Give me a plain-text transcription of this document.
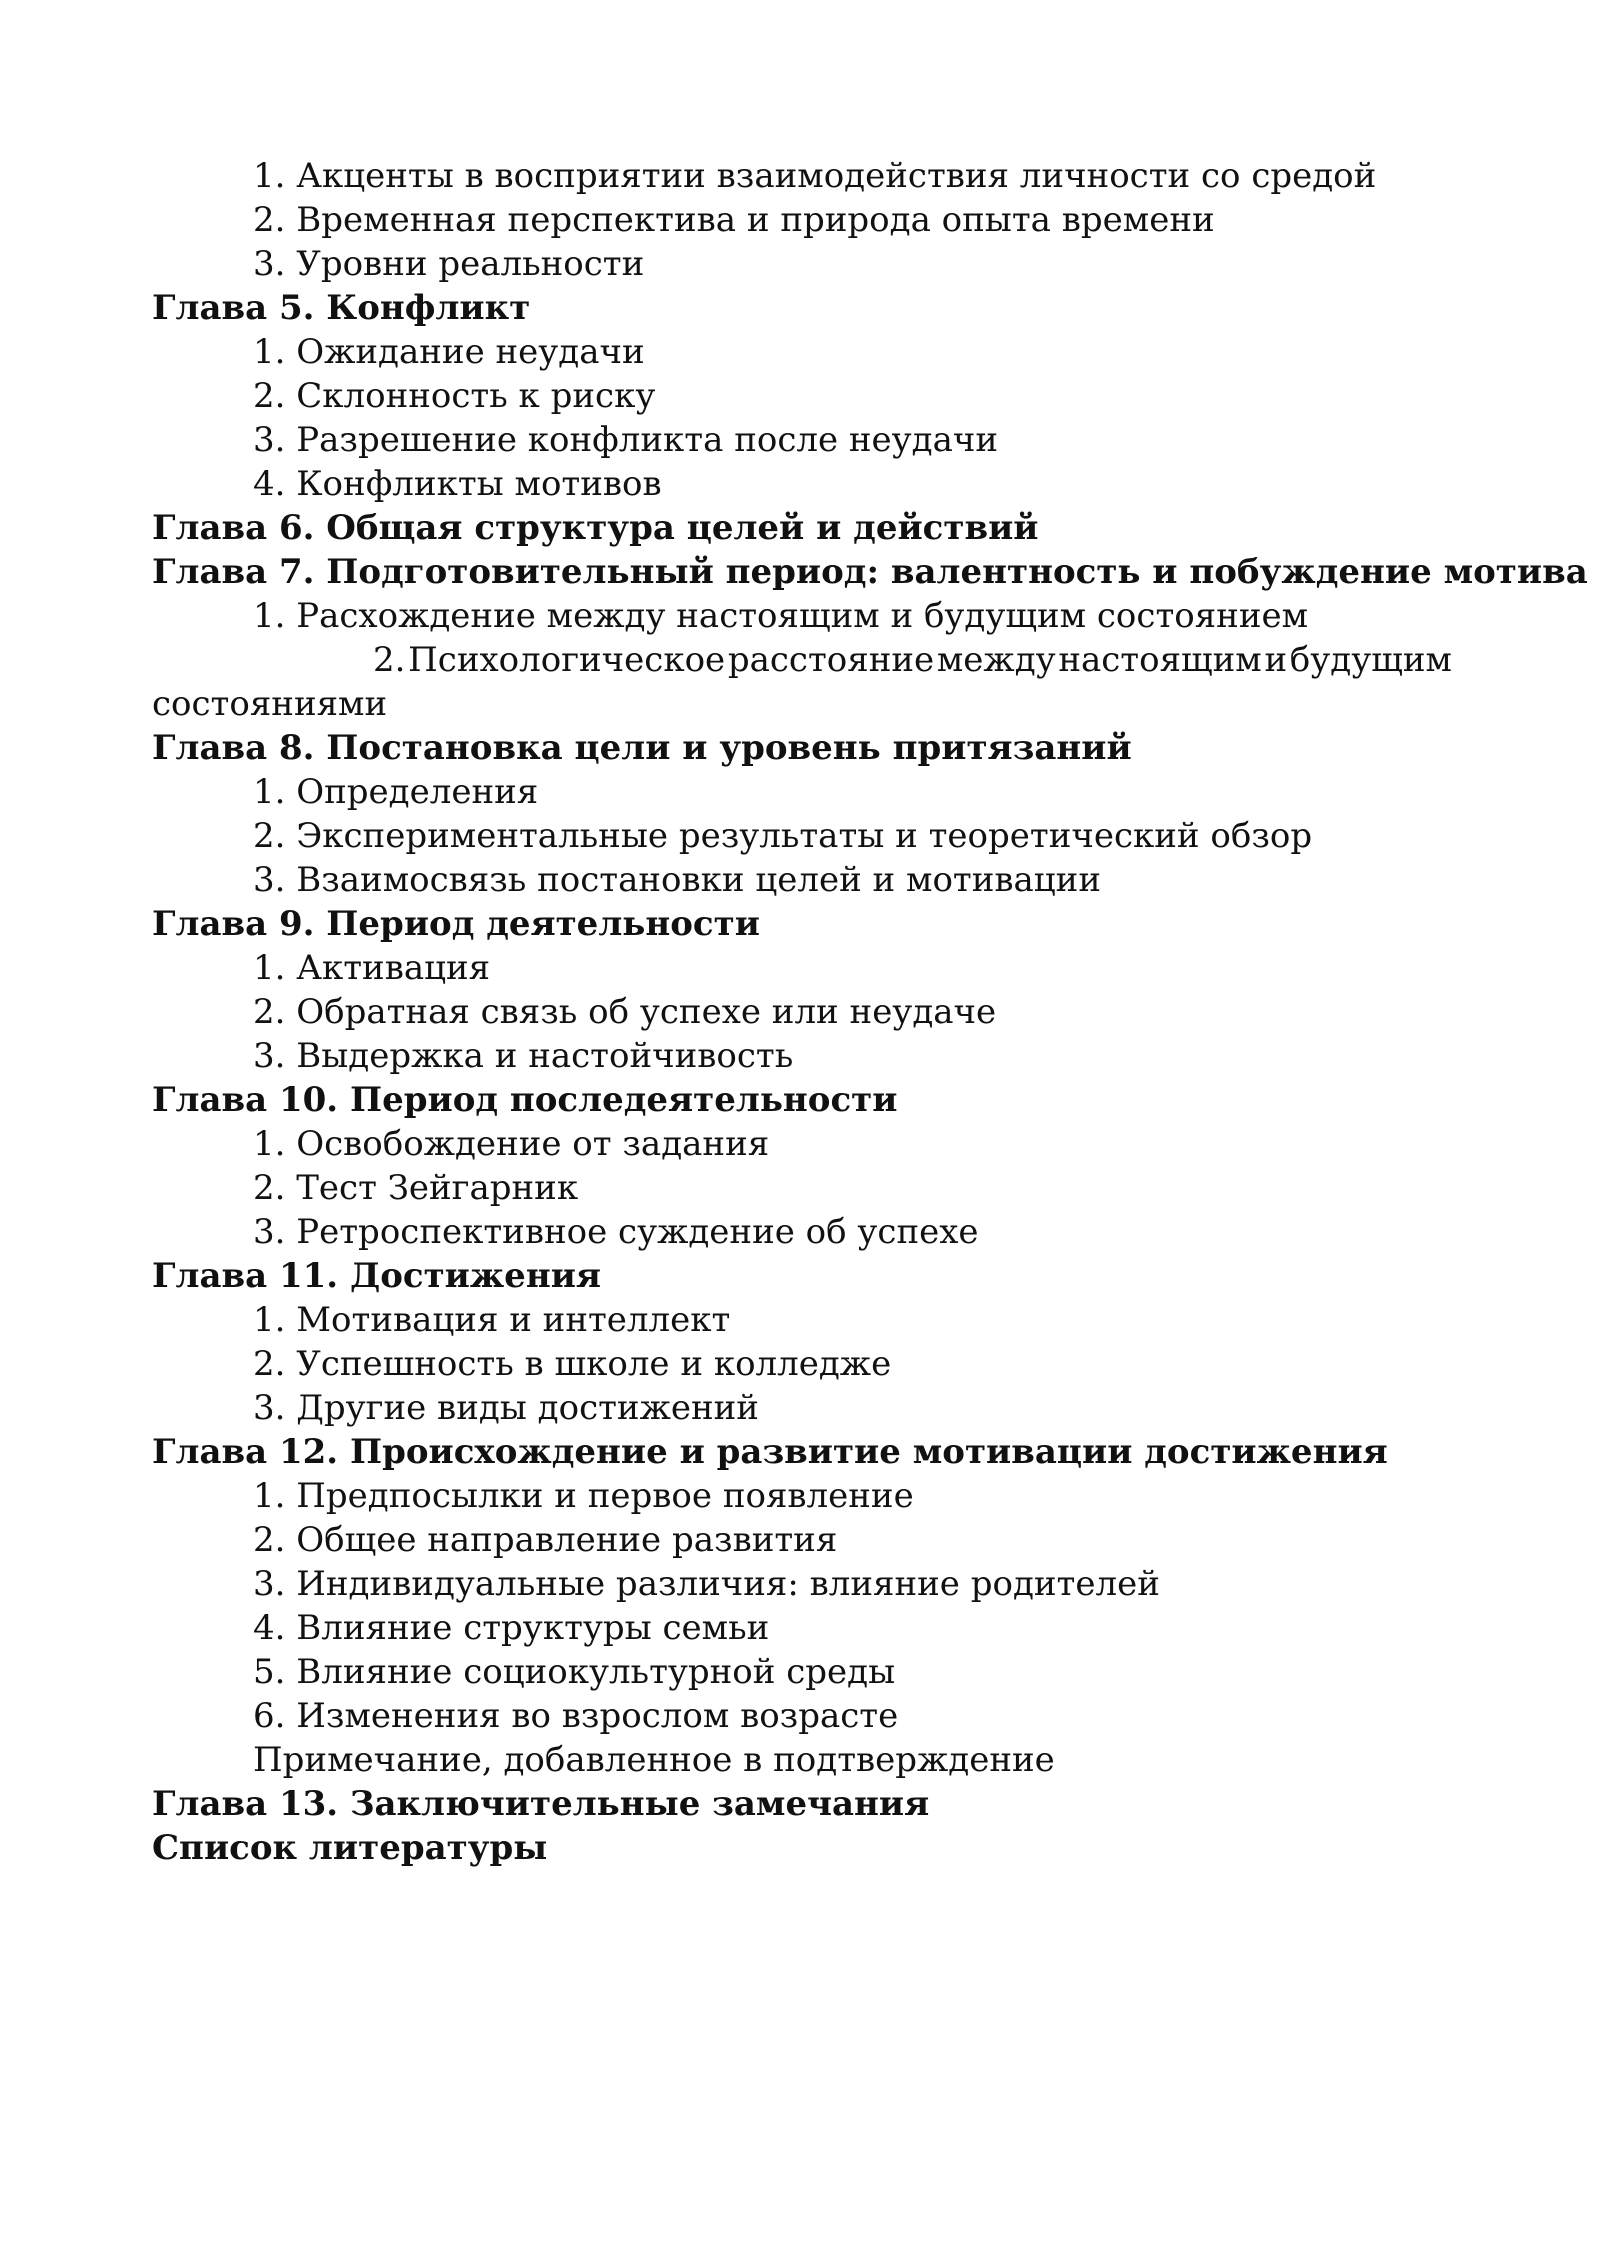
1. Акценты в восприятии взаимодействия личности со средой
2. Временная перспектива и природа опыта времени
3. Уровни реальности
Глава 5. Конфликт
1. Ожидание неудачи
2. Склонность к риску
3. Разрешение конфликта после неудачи
4. Конфликты мотивов
Глава 6. Общая структура целей и действий
Глава 7. Подготовительный период: валентность и побуждение мотива
1. Расхождение между настоящим и будущим состоянием
2. Психологическое расстояние между настоящим и будущим
состояниями
Глава 8. Постановка цели и уровень притязаний
1. Определения
2. Экспериментальные результаты и теоретический обзор
3. Взаимосвязь постановки целей и мотивации
Глава 9. Период деятельности
1. Активация
2. Обратная связь об успехе или неудаче
3. Выдержка и настойчивость
Глава 10. Период последеятельности
1. Освобождение от задания
2. Тест Зейгарник
3. Ретроспективное суждение об успехе
Глава 11. Достижения
1. Мотивация и интеллект
2. Успешность в школе и колледже
3. Другие виды достижений
Глава 12. Происхождение и развитие мотивации достижения
1. Предпосылки и первое появление
2. Общее направление развития
3. Индивидуальные различия: влияние родителей
4. Влияние структуры семьи
5. Влияние социокультурной среды
6. Изменения во взрослом возрасте
Примечание, добавленное в подтверждение
Глава 13. Заключительные замечания
Список литературы
